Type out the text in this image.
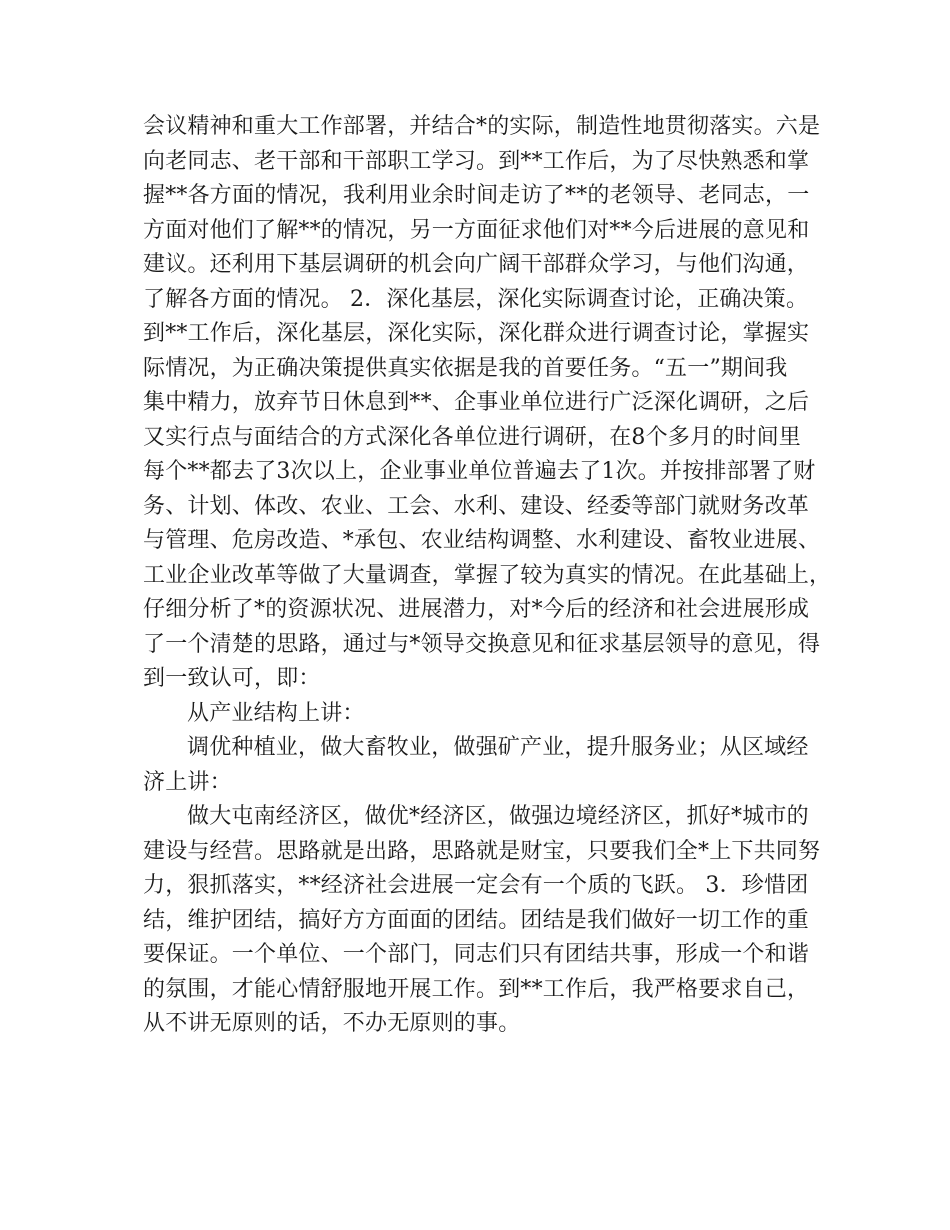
会议精神和重大工作部署，并结合*的实际，制造性地贯彻落实。六是
向老同志、老干部和干部职工学习。到**工作后，为了尽快熟悉和掌
握**各方面的情况，我利用业余时间走访了**的老领导、老同志，一
方面对他们了解**的情况，另一方面征求他们对**今后进展的意见和
建议。还利用下基层调研的机会向广阔干部群众学习，与他们沟通，
了解各方面的情况。 2．深化基层，深化实际调查讨论，正确决策。
到**工作后，深化基层，深化实际，深化群众进行调查讨论，掌握实
际情况，为正确决策提供真实依据是我的首要任务。“五一”期间我
集中精力，放弃节日休息到**、企事业单位进行广泛深化调研，之后
又实行点与面结合的方式深化各单位进行调研，在8个多月的时间里
每个**都去了3次以上，企业事业单位普遍去了1次。并按排部署了财
务、计划、体改、农业、工会、水利、建设、经委等部门就财务改革
与管理、危房改造、*承包、农业结构调整、水利建设、畜牧业进展、
工业企业改革等做了大量调查，掌握了较为真实的情况。在此基础上，
仔细分析了*的资源状况、进展潜力，对*今后的经济和社会进展形成
了一个清楚的思路，通过与*领导交换意见和征求基层领导的意见，得
到一致认可，即：
从产业结构上讲：
调优种植业，做大畜牧业，做强矿产业，提升服务业；从区域经
济上讲：
做大屯南经济区，做优*经济区，做强边境经济区，抓好*城市的
建设与经营。思路就是出路，思路就是财宝，只要我们全*上下共同努
力，狠抓落实，**经济社会进展一定会有一个质的飞跃。 3．珍惜团
结，维护团结，搞好方方面面的团结。团结是我们做好一切工作的重
要保证。一个单位、一个部门，同志们只有团结共事，形成一个和谐
的氛围，才能心情舒服地开展工作。到**工作后，我严格要求自己，
从不讲无原则的话，不办无原则的事。
